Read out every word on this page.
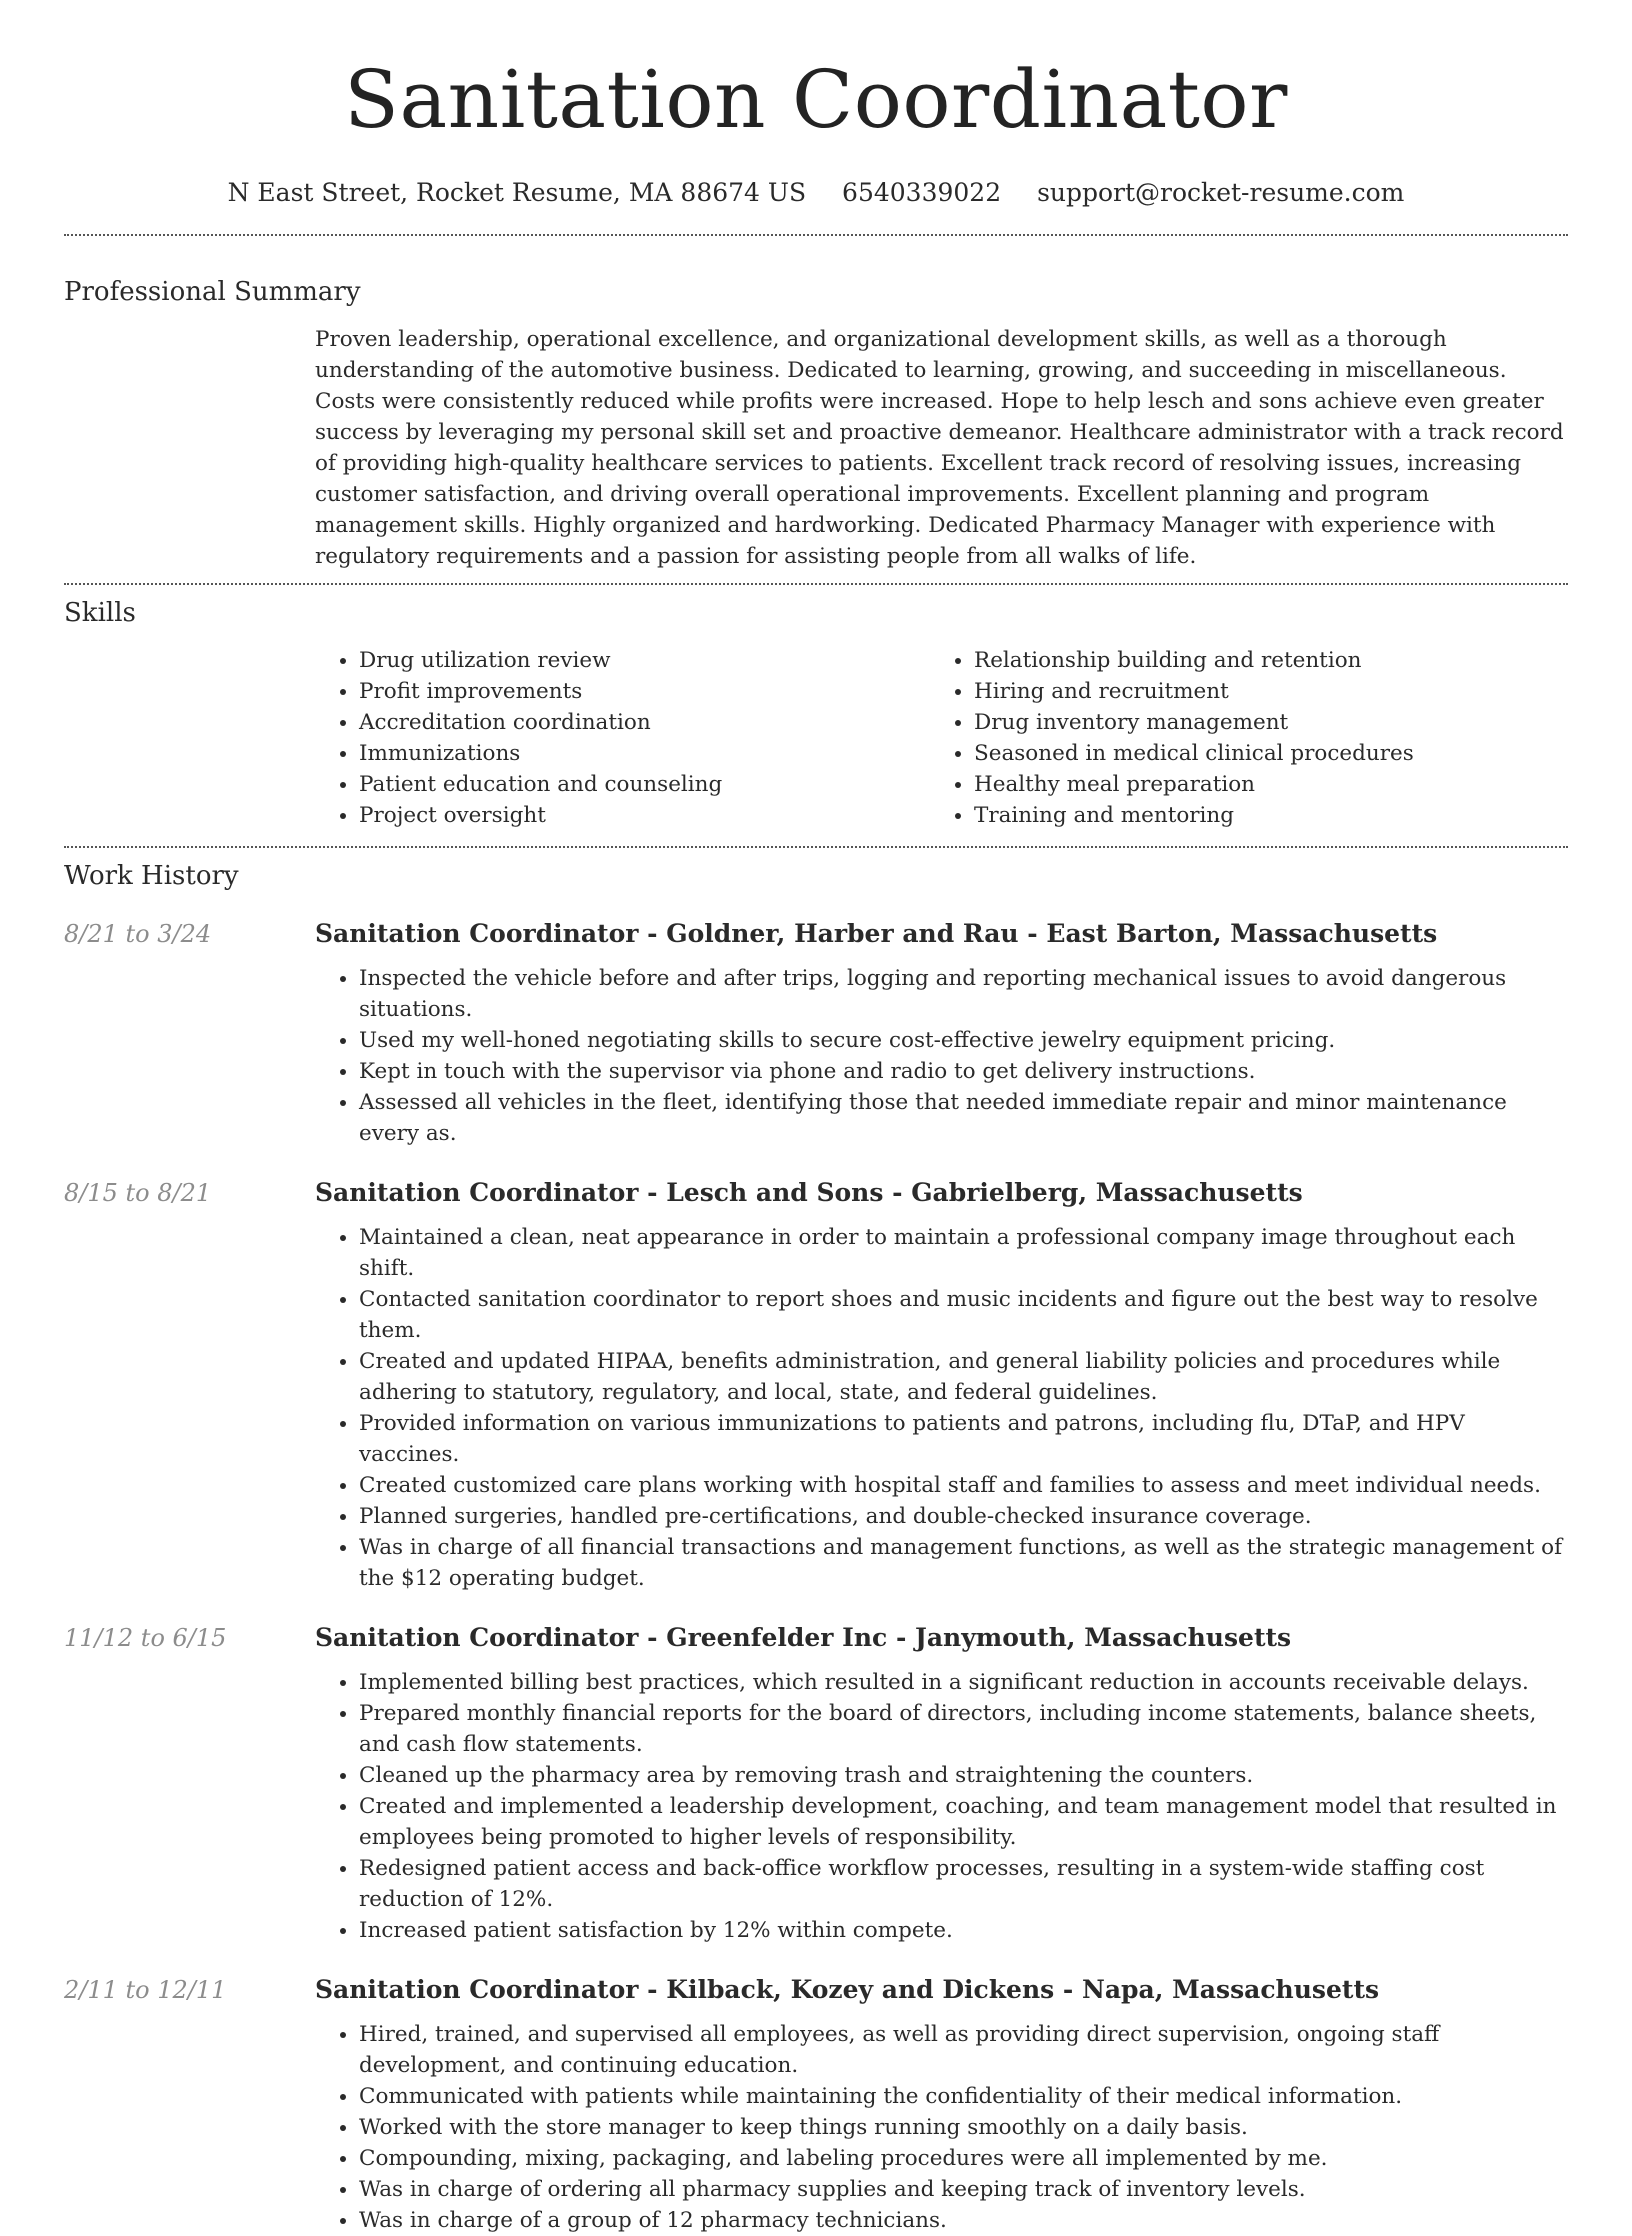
Sanitation Coordinator
N East Street, Rocket Resume, MA 88674 US 6540339022 support@rocket-resume.com
Professional Summary

Proven leadership, operational excellence, and organizational development skills, as well as a thorough understanding of the automotive business. Dedicated to learning, growing, and succeeding in miscellaneous. Costs were consistently reduced while profits were increased. Hope to help lesch and sons achieve even greater success by leveraging my personal skill set and proactive demeanor. Healthcare administrator with a track record of providing high-quality healthcare services to patients. Excellent track record of resolving issues, increasing customer satisfaction, and driving overall operational improvements. Excellent planning and program management skills. Highly organized and hardworking. Dedicated Pharmacy Manager with experience with regulatory requirements and a passion for assisting people from all walks of life.

Skills
• Drug utilization review
• Profit improvements
• Accreditation coordination
• Immunizations
• Patient education and counseling
• Project oversight
• Relationship building and retention
• Hiring and recruitment
• Drug inventory management
• Seasoned in medical clinical procedures
• Healthy meal preparation
• Training and mentoring
Work History
8/21 to 3/24	Sanitation Coordinator - Goldner, Harber and Rau - East Barton, Massachusetts
• Inspected the vehicle before and after trips, logging and reporting mechanical issues to avoid dangerous situations.
• Used my well-honed negotiating skills to secure cost-effective jewelry equipment pricing.
• Kept in touch with the supervisor via phone and radio to get delivery instructions.
• Assessed all vehicles in the fleet, identifying those that needed immediate repair and minor maintenance every as.
8/15 to 8/21	Sanitation Coordinator - Lesch and Sons - Gabrielberg, Massachusetts
• Maintained a clean, neat appearance in order to maintain a professional company image throughout each shift.
• Contacted sanitation coordinator to report shoes and music incidents and figure out the best way to resolve them.
• Created and updated HIPAA, benefits administration, and general liability policies and procedures while adhering to statutory, regulatory, and local, state, and federal guidelines.
• Provided information on various immunizations to patients and patrons, including flu, DTaP, and HPV vaccines.
• Created customized care plans working with hospital staff and families to assess and meet individual needs.
• Planned surgeries, handled pre-certifications, and double-checked insurance coverage.
• Was in charge of all financial transactions and management functions, as well as the strategic management of the $12 operating budget.
11/12 to 6/15	Sanitation Coordinator - Greenfelder Inc - Janymouth, Massachusetts
• Implemented billing best practices, which resulted in a significant reduction in accounts receivable delays.
• Prepared monthly financial reports for the board of directors, including income statements, balance sheets, and cash flow statements.
• Cleaned up the pharmacy area by removing trash and straightening the counters.
• Created and implemented a leadership development, coaching, and team management model that resulted in employees being promoted to higher levels of responsibility.
• Redesigned patient access and back-office workflow processes, resulting in a system-wide staffing cost reduction of 12%.
• Increased patient satisfaction by 12% within compete.
2/11 to 12/11	Sanitation Coordinator - Kilback, Kozey and Dickens - Napa, Massachusetts
• Hired, trained, and supervised all employees, as well as providing direct supervision, ongoing staff development, and continuing education.
• Communicated with patients while maintaining the confidentiality of their medical information.
• Worked with the store manager to keep things running smoothly on a daily basis.
• Compounding, mixing, packaging, and labeling procedures were all implemented by me.
• Was in charge of ordering all pharmacy supplies and keeping track of inventory levels.
• Was in charge of a group of 12 pharmacy technicians.
